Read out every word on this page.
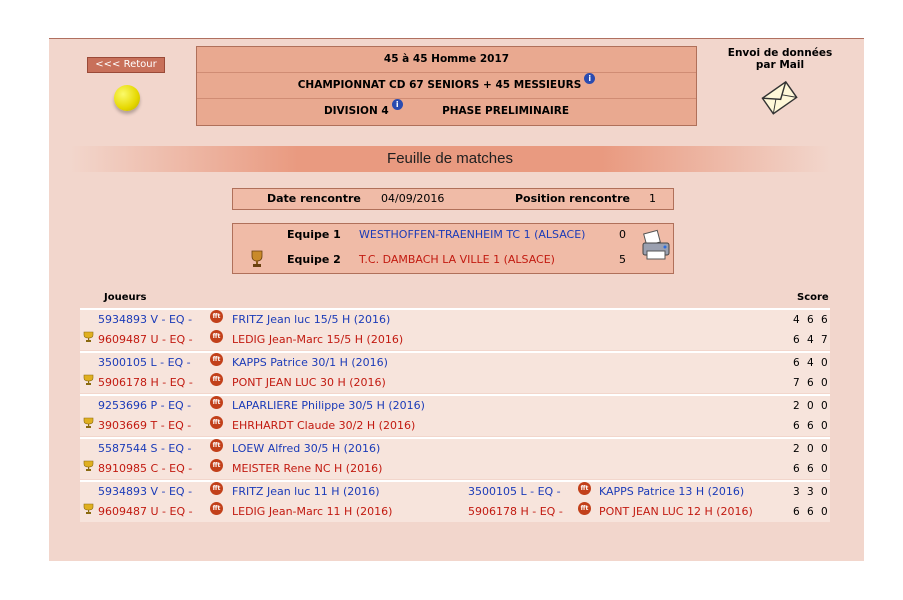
<<< Retour	45 à 45 Homme 2017
CHAMPIONNAT CD 67 SENIORS + 45 MESSIEURSi
DIVISION 4i  PHASE PRELIMINAIRE
Envoi de données
par Mail
Feuille de matches
Date rencontre 04/09/2016	Position rencontre 1
Equipe 1 WESTHOFFEN-TRAENHEIM TC 1 (ALSACE)	0
Equipe 2 T.C. DAMBACH LA VILLE 1 (ALSACE)	5
Joueurs	Score
5934893 V - EQ -	fft FRITZ Jean luc 15/5 H (2016)	4 6 6
9609487 U - EQ -	fft LEDIG Jean-Marc 15/5 H (2016)	6 4 7
3500105 L - EQ -	fft KAPPS Patrice 30/1 H (2016)	6 4 0
5906178 H - EQ -	fft PONT JEAN LUC 30 H (2016)	7 6 0
9253696 P - EQ -	fft LAPARLIERE Philippe 30/5 H (2016)	2 0 0
3903669 T - EQ -	fft EHRHARDT Claude 30/2 H (2016)	6 6 0
5587544 S - EQ -	fft LOEW Alfred 30/5 H (2016)	2 0 0
8910985 C - EQ -	fft MEISTER Rene NC H (2016)	6 6 0
5934893 V - EQ -	fft FRITZ Jean luc 11 H (2016)	3500105 L - EQ -	fft KAPPS Patrice 13 H (2016)	3 3 0
9609487 U - EQ -	fft LEDIG Jean-Marc 11 H (2016)	5906178 H - EQ -	fft PONT JEAN LUC 12 H (2016)	6 6 0
